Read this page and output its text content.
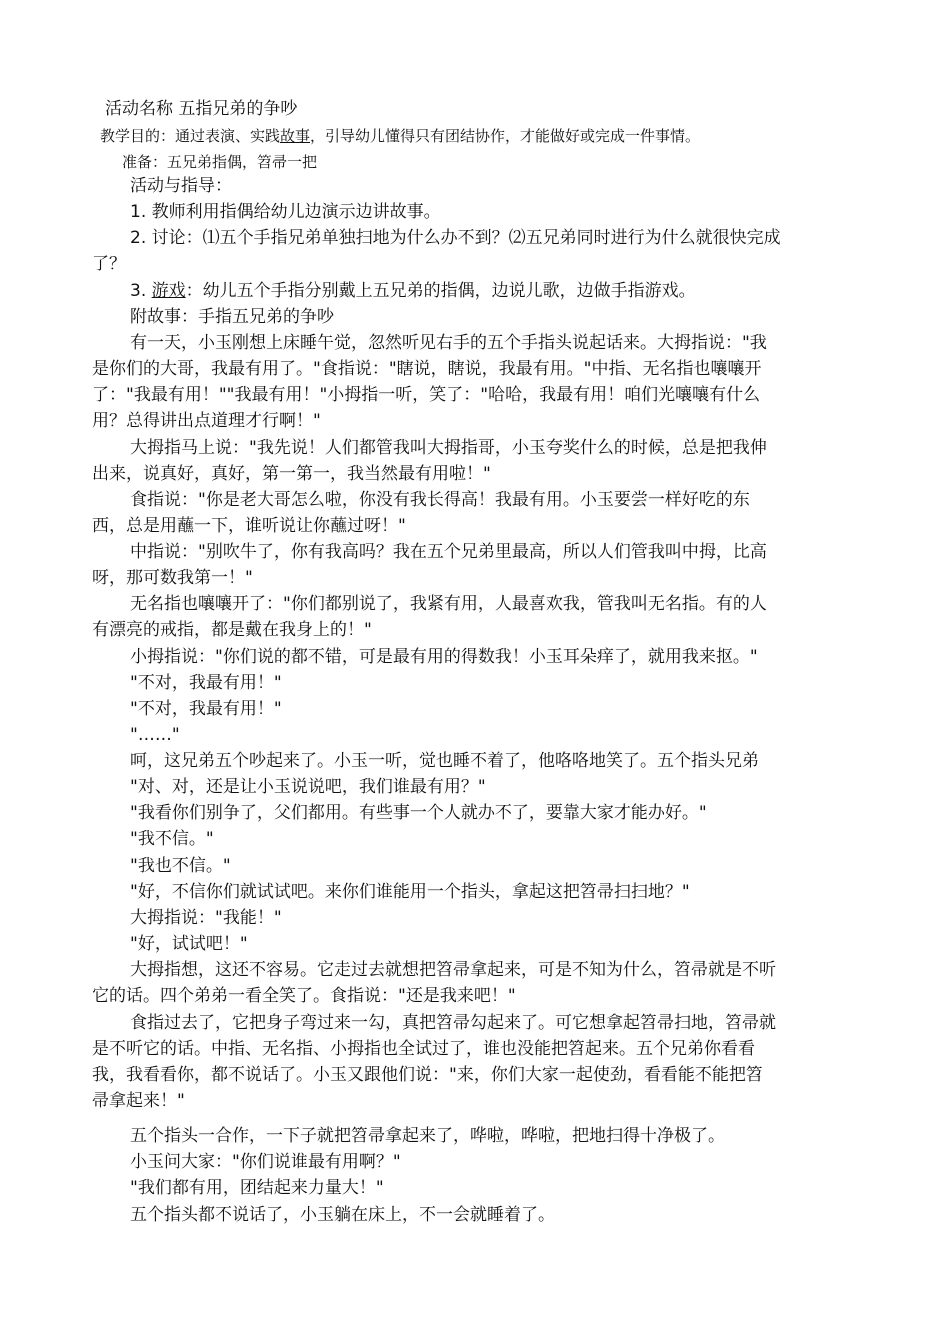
活动名称 五指兄弟的争吵
教学目的：通过表演、实践故事，引导幼儿懂得只有团结协作，才能做好或完成一件事情。
准备：五兄弟指偶，笤帚一把
活动与指导：
1. 教师利用指偶给幼儿边演示边讲故事。
2. 讨论：⑴五个手指兄弟单独扫地为什么办不到？⑵五兄弟同时进行为什么就很快完成
了？
3. 游戏：幼儿五个手指分别戴上五兄弟的指偶，边说儿歌，边做手指游戏。
附故事：手指五兄弟的争吵
有一天，小玉刚想上床睡午觉，忽然听见右手的五个手指头说起话来。大拇指说："我
是你们的大哥，我最有用了。"食指说："瞎说，瞎说，我最有用。"中指、无名指也嚷嚷开
了："我最有用！""我最有用！"小拇指一听，笑了："哈哈，我最有用！咱们光嚷嚷有什么
用？总得讲出点道理才行啊！"
大拇指马上说："我先说！人们都管我叫大拇指哥，小玉夸奖什么的时候，总是把我伸
出来，说真好，真好，第一第一，我当然最有用啦！"
食指说："你是老大哥怎么啦，你没有我长得高！我最有用。小玉要尝一样好吃的东
西，总是用蘸一下，谁听说让你蘸过呀！"
中指说："别吹牛了，你有我高吗？我在五个兄弟里最高，所以人们管我叫中拇，比高
呀，那可数我第一！"
无名指也嚷嚷开了："你们都别说了，我紧有用，人最喜欢我，管我叫无名指。有的人
有漂亮的戒指，都是戴在我身上的！"
小拇指说："你们说的都不错，可是最有用的得数我！小玉耳朵痒了，就用我来抠。"
"不对，我最有用！"
"不对，我最有用！"
"……"
呵，这兄弟五个吵起来了。小玉一听，觉也睡不着了，他咯咯地笑了。五个指头兄弟
"对、对，还是让小玉说说吧，我们谁最有用？"
"我看你们别争了，父们都用。有些事一个人就办不了，要靠大家才能办好。"
"我不信。"
"我也不信。"
"好，不信你们就试试吧。来你们谁能用一个指头，拿起这把笤帚扫扫地？"
大拇指说："我能！"
"好，试试吧！"
大拇指想，这还不容易。它走过去就想把笤帚拿起来，可是不知为什么，笤帚就是不听
它的话。四个弟弟一看全笑了。食指说："还是我来吧！"
食指过去了，它把身子弯过来一勾，真把笤帚勾起来了。可它想拿起笤帚扫地，笤帚就
是不听它的话。中指、无名指、小拇指也全试过了，谁也没能把笤起来。五个兄弟你看看
我，我看看你，都不说话了。小玉又跟他们说："来，你们大家一起使劲，看看能不能把笤
帚拿起来！"
五个指头一合作，一下子就把笤帚拿起来了，哗啦，哗啦，把地扫得十净极了。
小玉问大家："你们说谁最有用啊？"
"我们都有用，团结起来力量大！"
五个指头都不说话了，小玉躺在床上，不一会就睡着了。
